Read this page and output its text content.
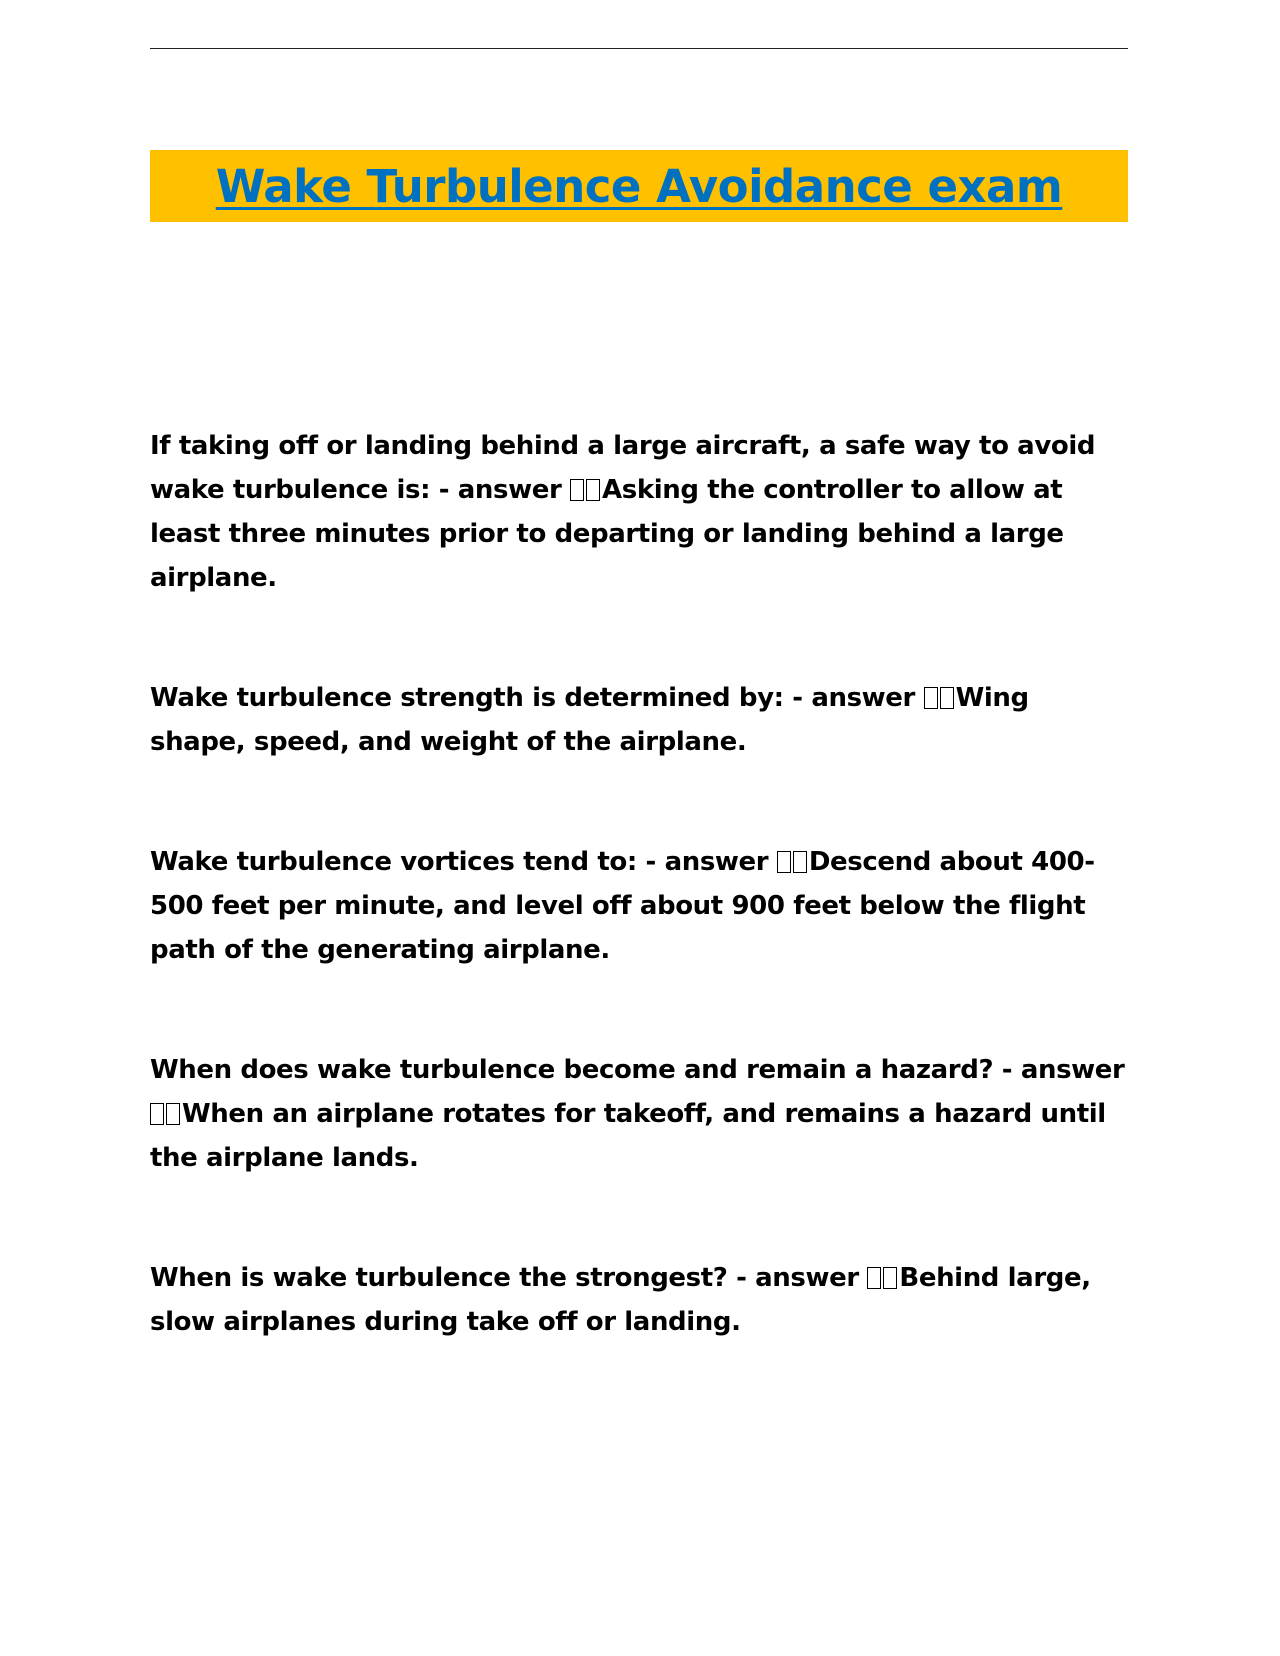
Wake Turbulence Avoidance exam

If taking off or landing behind a large aircraft, a safe way to avoid wake turbulence is: - answer Asking the controller to allow at least three minutes prior to departing or landing behind a large airplane.

Wake turbulence strength is determined by: - answer Wing shape, speed, and weight of the airplane.

Wake turbulence vortices tend to: - answer Descend about 400-500 feet per minute, and level off about 900 feet below the flight path of the generating airplane.

When does wake turbulence become and remain a hazard? - answer When an airplane rotates for takeoff, and remains a hazard until the airplane lands.

When is wake turbulence the strongest? - answer Behind large, slow airplanes during take off or landing.
